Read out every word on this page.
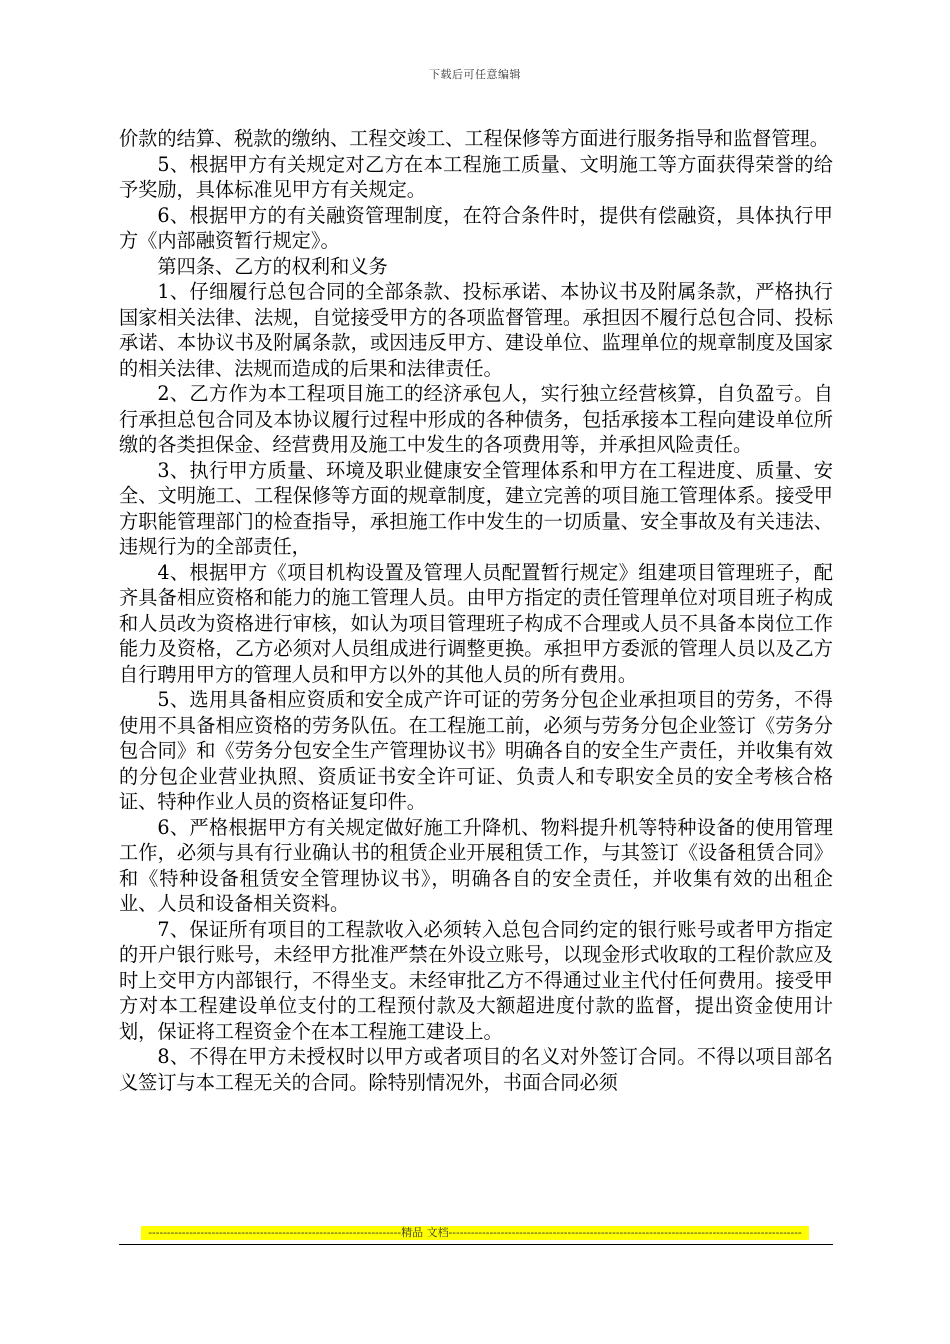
下载后可任意编辑

价款的结算、税款的缴纳、工程交竣工、工程保修等方面进行服务指导和监督管理。

5、根据甲方有关规定对乙方在本工程施工质量、文明施工等方面获得荣誉的给予奖励，具体标准见甲方有关规定。

6、根据甲方的有关融资管理制度，在符合条件时，提供有偿融资，具体执行甲方《内部融资暂行规定》。

第四条、乙方的权利和义务

1、仔细履行总包合同的全部条款、投标承诺、本协议书及附属条款，严格执行国家相关法律、法规，自觉接受甲方的各项监督管理。承担因不履行总包合同、投标承诺、本协议书及附属条款，或因违反甲方、建设单位、监理单位的规章制度及国家的相关法律、法规而造成的后果和法律责任。

2、乙方作为本工程项目施工的经济承包人，实行独立经营核算，自负盈亏。自行承担总包合同及本协议履行过程中形成的各种债务，包括承接本工程向建设单位所缴的各类担保金、经营费用及施工中发生的各项费用等，并承担风险责任。

3、执行甲方质量、环境及职业健康安全管理体系和甲方在工程进度、质量、安全、文明施工、工程保修等方面的规章制度，建立完善的项目施工管理体系。接受甲方职能管理部门的检查指导，承担施工作中发生的一切质量、安全事故及有关违法、违规行为的全部责任，

4、根据甲方《项目机构设置及管理人员配置暂行规定》组建项目管理班子，配齐具备相应资格和能力的施工管理人员。由甲方指定的责任管理单位对项目班子构成和人员改为资格进行审核，如认为项目管理班子构成不合理或人员不具备本岗位工作能力及资格，乙方必须对人员组成进行调整更换。承担甲方委派的管理人员以及乙方自行聘用甲方的管理人员和甲方以外的其他人员的所有费用。

5、选用具备相应资质和安全成产许可证的劳务分包企业承担项目的劳务，不得使用不具备相应资格的劳务队伍。在工程施工前，必须与劳务分包企业签订《劳务分包合同》和《劳务分包安全生产管理协议书》明确各自的安全生产责任，并收集有效的分包企业营业执照、资质证书安全许可证、负责人和专职安全员的安全考核合格证、特种作业人员的资格证复印件。

6、严格根据甲方有关规定做好施工升降机、物料提升机等特种设备的使用管理工作，必须与具有行业确认书的租赁企业开展租赁工作，与其签订《设备租赁合同》和《特种设备租赁安全管理协议书》，明确各自的安全责任，并收集有效的出租企业、人员和设备相关资料。

7、保证所有项目的工程款收入必须转入总包合同约定的银行账号或者甲方指定的开户银行账号，未经甲方批准严禁在外设立账号，以现金形式收取的工程价款应及时上交甲方内部银行，不得坐支。未经审批乙方不得通过业主代付任何费用。接受甲方对本工程建设单位支付的工程预付款及大额超进度付款的监督，提出资金使用计划，保证将工程资金个在本工程施工建设上。

8、不得在甲方未授权时以甲方或者项目的名义对外签订合同。不得以项目部名义签订与本工程无关的合同。除特别情况外，书面合同必须

--------------------------------------------------------------------精品 文档-----------------------------------------------------------------------------------------------
